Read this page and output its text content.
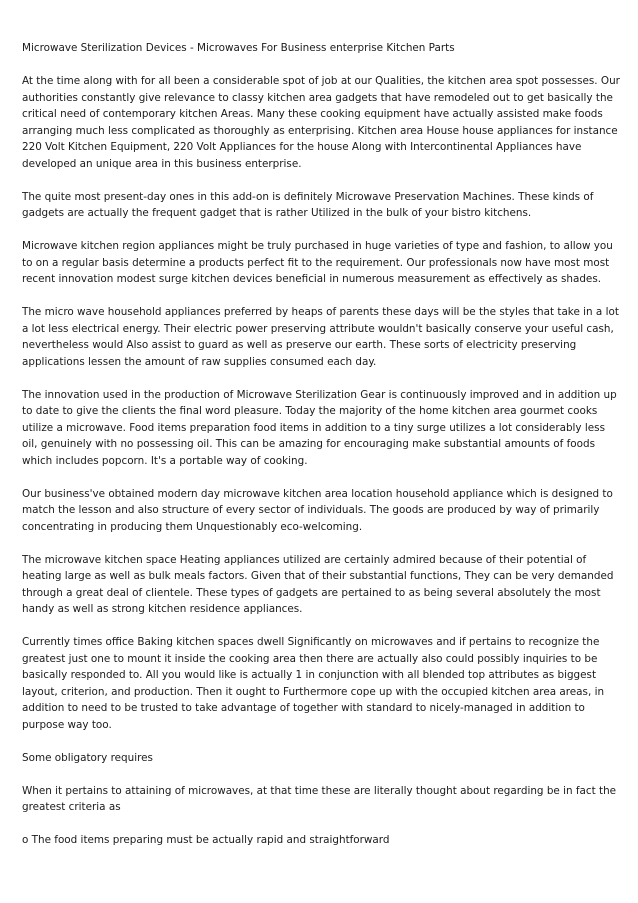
Microwave Sterilization Devices - Microwaves For Business enterprise Kitchen Parts

At the time along with for all been a considerable spot of job at our Qualities, the kitchen area spot possesses. Our authorities constantly give relevance to classy kitchen area gadgets that have remodeled out to get basically the critical need of contemporary kitchen Areas. Many these cooking equipment have actually assisted make foods arranging much less complicated as thoroughly as enterprising. Kitchen area House house appliances for instance 220 Volt Kitchen Equipment, 220 Volt Appliances for the house Along with Intercontinental Appliances have developed an unique area in this business enterprise.

The quite most present-day ones in this add-on is definitely Microwave Preservation Machines. These kinds of gadgets are actually the frequent gadget that is rather Utilized in the bulk of your bistro kitchens.

Microwave kitchen region appliances might be truly purchased in huge varieties of type and fashion, to allow you to on a regular basis determine a products perfect fit to the requirement. Our professionals now have most most recent innovation modest surge kitchen devices beneficial in numerous measurement as effectively as shades.

The micro wave household appliances preferred by heaps of parents these days will be the styles that take in a lot a lot less electrical energy. Their electric power preserving attribute wouldn't basically conserve your useful cash, nevertheless would Also assist to guard as well as preserve our earth. These sorts of electricity preserving applications lessen the amount of raw supplies consumed each day.

The innovation used in the production of Microwave Sterilization Gear is continuously improved and in addition up to date to give the clients the final word pleasure. Today the majority of the home kitchen area gourmet cooks utilize a microwave. Food items preparation food items in addition to a tiny surge utilizes a lot considerably less oil, genuinely with no possessing oil. This can be amazing for encouraging make substantial amounts of foods which includes popcorn. It's a portable way of cooking.

Our business've obtained modern day microwave kitchen area location household appliance which is designed to match the lesson and also structure of every sector of individuals. The goods are produced by way of primarily concentrating in producing them Unquestionably eco-welcoming.

The microwave kitchen space Heating appliances utilized are certainly admired because of their potential of heating large as well as bulk meals factors. Given that of their substantial functions, They can be very demanded through a great deal of clientele. These types of gadgets are pertained to as being several absolutely the most handy as well as strong kitchen residence appliances.

Currently times office Baking kitchen spaces dwell Significantly on microwaves and if pertains to recognize the greatest just one to mount it inside the cooking area then there are actually also could possibly inquiries to be basically responded to. All you would like is actually 1 in conjunction with all blended top attributes as biggest layout, criterion, and production. Then it ought to Furthermore cope up with the occupied kitchen area areas, in addition to need to be trusted to take advantage of together with standard to nicely-managed in addition to purpose way too.

Some obligatory requires

When it pertains to attaining of microwaves, at that time these are literally thought about regarding be in fact the greatest criteria as

o The food items preparing must be actually rapid and straightforward
